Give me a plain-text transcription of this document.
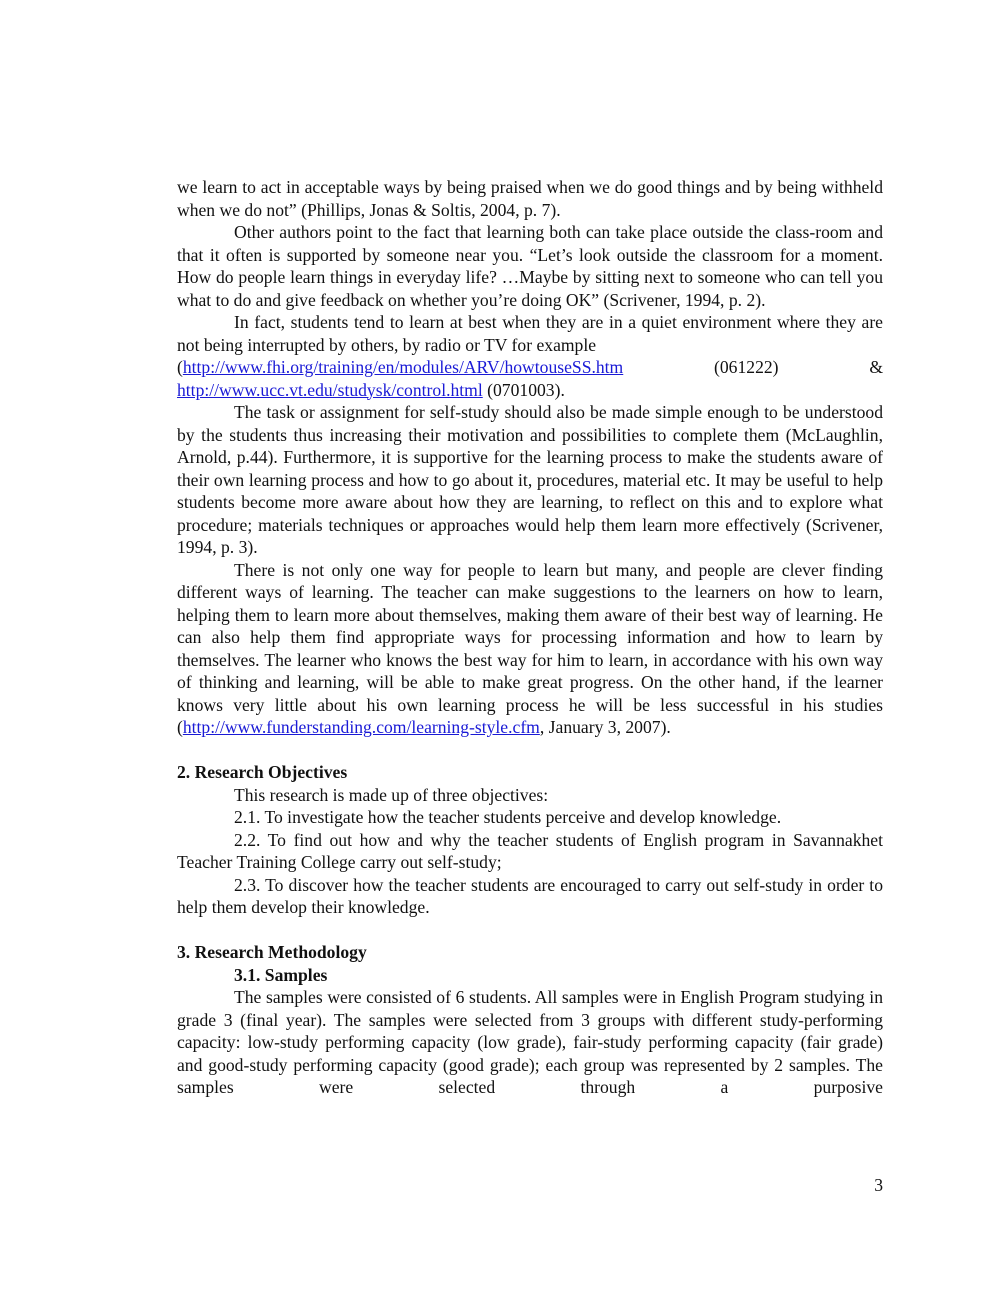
we learn to act in acceptable ways by being praised when we do good things and by being withheld when we do not” (Phillips, Jonas & Soltis, 2004, p. 7).

Other authors point to the fact that learning both can take place outside the class-room and that it often is supported by someone near you. “Let’s look outside the classroom for a moment. How do people learn things in everyday life? …Maybe by sitting next to someone who can tell you what to do and give feedback on whether you’re doing OK” (Scrivener, 1994, p. 2).

In fact, students tend to learn at best when they are in a quiet environment where they are not being interrupted by others, by radio or TV for example

(http://www.fhi.org/training/en/modules/ARV/howtouseSS.htm	(061222)	&

http://www.ucc.vt.edu/studysk/control.html (0701003).

The task or assignment for self-study should also be made simple enough to be understood by the students thus increasing their motivation and possibilities to complete them (McLaughlin, Arnold, p.44). Furthermore, it is supportive for the learning process to make the students aware of their own learning process and how to go about it, procedures, material etc. It may be useful to help students become more aware about how they are learning, to reflect on this and to explore what procedure; materials techniques or approaches would help them learn more effectively (Scrivener, 1994, p. 3).

There is not only one way for people to learn but many, and people are clever finding different ways of learning. The teacher can make suggestions to the learners on how to learn, helping them to learn more about themselves, making them aware of their best way of learning. He can also help them find appropriate ways for processing information and how to learn by themselves. The learner who knows the best way for him to learn, in accordance with his own way of thinking and learning, will be able to make great progress. On the other hand, if the learner knows very little about his own learning process he will be less successful in his studies

(http://www.funderstanding.com/learning-style.cfm, January 3, 2007).

2. Research Objectives

This research is made up of three objectives:

2.1. To investigate how the teacher students perceive and develop knowledge.

2.2. To find out how and why the teacher students of English program in Savannakhet    Teacher Training College carry out self-study;

2.3. To discover how the teacher students are encouraged to carry out self-study in order to help them develop their knowledge.

3. Research Methodology

3.1. Samples

The samples were consisted of 6 students. All samples were in English Program studying in grade 3 (final year). The samples were selected from 3 groups with different study-performing capacity: low-study performing capacity (low grade), fair-study performing capacity (fair grade) and good-study performing capacity (good grade); each group was represented by 2 samples. The samples were selected through a purposive

3
